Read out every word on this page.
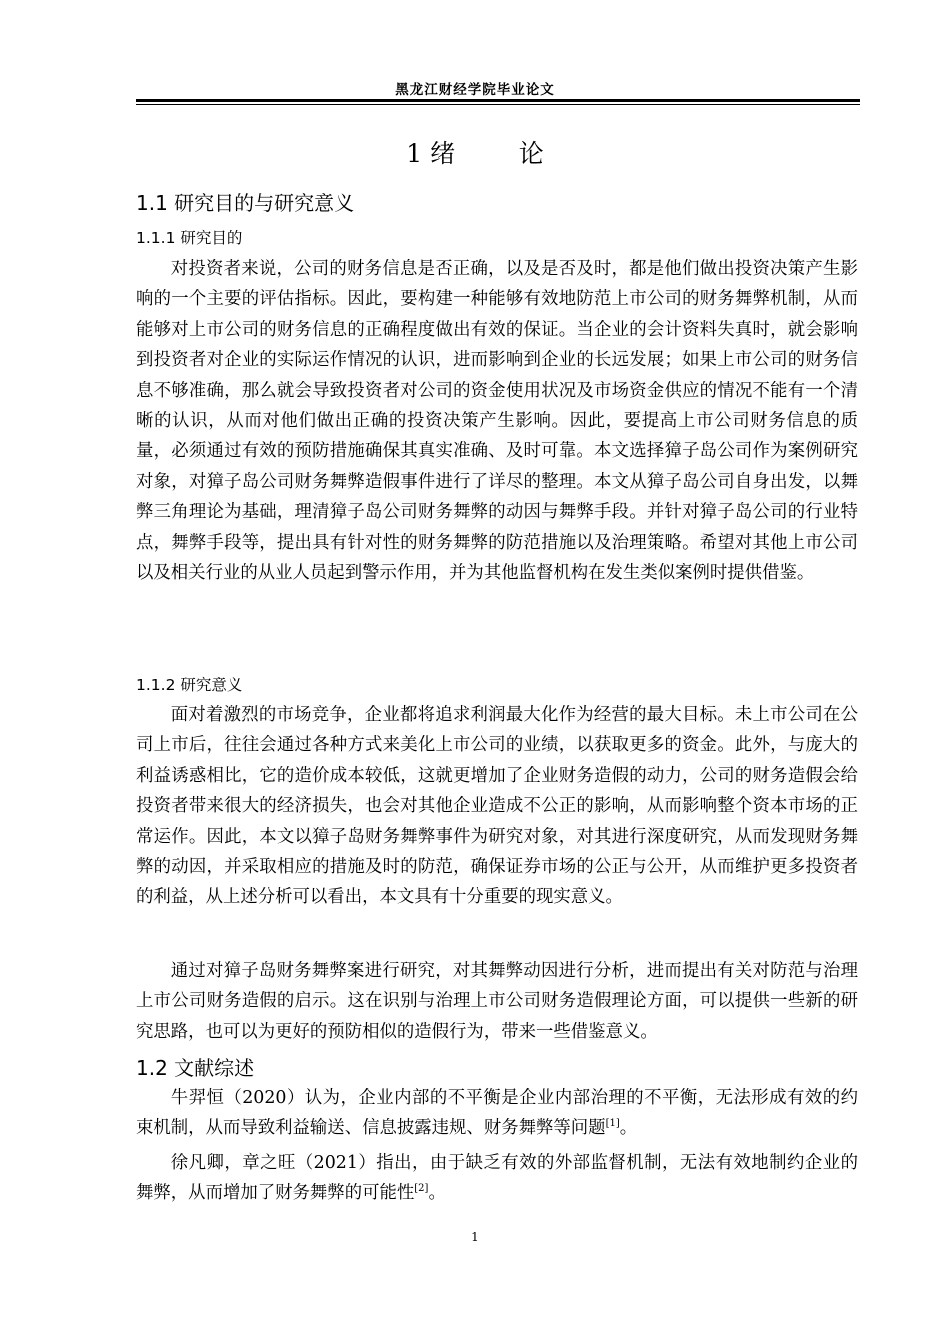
黑龙江财经学院毕业论文
1 绪        论
1.1 研究目的与研究意义
1.1.1 研究目的
对投资者来说，公司的财务信息是否正确，以及是否及时，都是他们做出投资决策产生影响的一个主要的评估指标。因此，要构建一种能够有效地防范上市公司的财务舞弊机制，从而能够对上市公司的财务信息的正确程度做出有效的保证。当企业的会计资料失真时，就会影响到投资者对企业的实际运作情况的认识，进而影响到企业的长远发展；如果上市公司的财务信息不够准确，那么就会导致投资者对公司的资金使用状况及市场资金供应的情况不能有一个清晰的认识，从而对他们做出正确的投资决策产生影响。因此，要提高上市公司财务信息的质量，必须通过有效的预防措施确保其真实准确、及时可靠。本文选择獐子岛公司作为案例研究对象，对獐子岛公司财务舞弊造假事件进行了详尽的整理。本文从獐子岛公司自身出发，以舞弊三角理论为基础，理清獐子岛公司财务舞弊的动因与舞弊手段。并针对獐子岛公司的行业特点，舞弊手段等，提出具有针对性的财务舞弊的防范措施以及治理策略。希望对其他上市公司以及相关行业的从业人员起到警示作用，并为其他监督机构在发生类似案例时提供借鉴。
1.1.2 研究意义
面对着激烈的市场竞争，企业都将追求利润最大化作为经营的最大目标。未上市公司在公司上市后，往往会通过各种方式来美化上市公司的业绩，以获取更多的资金。此外，与庞大的利益诱惑相比，它的造价成本较低，这就更增加了企业财务造假的动力，公司的财务造假会给投资者带来很大的经济损失，也会对其他企业造成不公正的影响，从而影响整个资本市场的正常运作。因此，本文以獐子岛财务舞弊事件为研究对象，对其进行深度研究，从而发现财务舞弊的动因，并采取相应的措施及时的防范，确保证券市场的公正与公开，从而维护更多投资者的利益，从上述分析可以看出，本文具有十分重要的现实意义。
通过对獐子岛财务舞弊案进行研究，对其舞弊动因进行分析，进而提出有关对防范与治理上市公司财务造假的启示。这在识别与治理上市公司财务造假理论方面，可以提供一些新的研究思路，也可以为更好的预防相似的造假行为，带来一些借鉴意义。
1.2 文献综述
牛羿恒（2020）认为，企业内部的不平衡是企业内部治理的不平衡，无法形成有效的约束机制，从而导致利益输送、信息披露违规、财务舞弊等问题[1]。
徐凡卿，章之旺（2021）指出，由于缺乏有效的外部监督机制，无法有效地制约企业的舞弊，从而增加了财务舞弊的可能性[2]。
1
